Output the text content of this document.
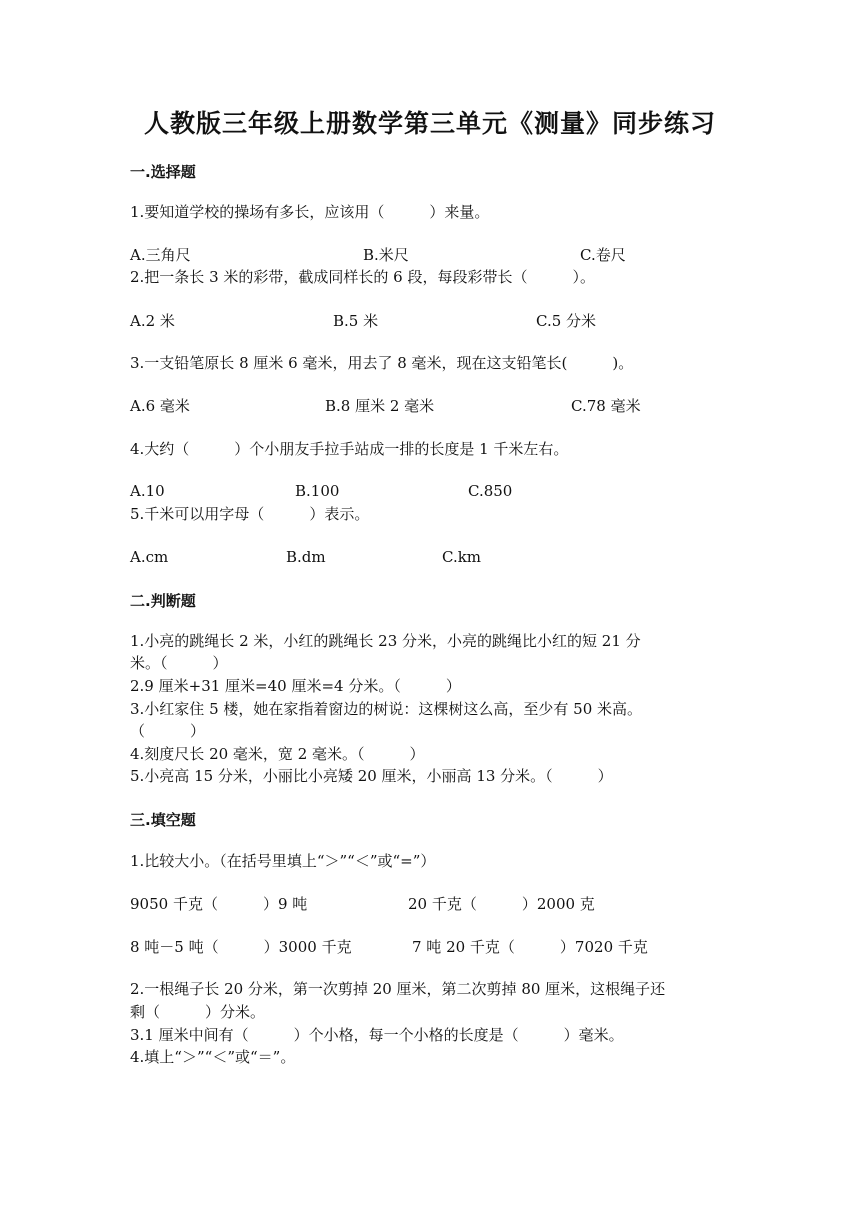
人教版三年级上册数学第三单元《测量》同步练习
一.选择题
1.要知道学校的操场有多长，应该用（　　　）来量。
A.三角尺	B.米尺	C.卷尺
2.把一条长 3 米的彩带，截成同样长的 6 段，每段彩带长（　　　）。
A.2 米	B.5 米	C.5 分米
3.一支铅笔原长 8 厘米 6 毫米，用去了 8 毫米，现在这支铅笔长(　　　)。
A.6 毫米	B.8 厘米 2 毫米	C.78 毫米
4.大约（　　　）个小朋友手拉手站成一排的长度是 1 千米左右。
A.10	B.100	C.850
5.千米可以用字母（　　　）表示。
A.cm	B.dm	C.km
二.判断题
1.小亮的跳绳长 2 米，小红的跳绳长 23 分米，小亮的跳绳比小红的短 21 分
米。（　　　）
2.9 厘米+31 厘米=40 厘米=4 分米。（　　　）
3.小红家住 5 楼，她在家指着窗边的树说：这棵树这么高，至少有 50 米高。
（　　　）
4.刻度尺长 20 毫米，宽 2 毫米。（　　　）
5.小亮高 15 分米，小丽比小亮矮 20 厘米，小丽高 13 分米。（　　　）
三.填空题
1.比较大小。（在括号里填上“＞”“＜”或“=”）
9050 千克（　　　）9 吨	20 千克（　　　）2000 克
8 吨－5 吨（　　　）3000 千克	7 吨 20 千克（　　　）7020 千克
2.一根绳子长 20 分米，第一次剪掉 20 厘米，第二次剪掉 80 厘米，这根绳子还
剩（　　　）分米。
3.1 厘米中间有（　　　）个小格，每一个小格的长度是（　　　）毫米。
4.填上“＞”“＜”或“＝”。
